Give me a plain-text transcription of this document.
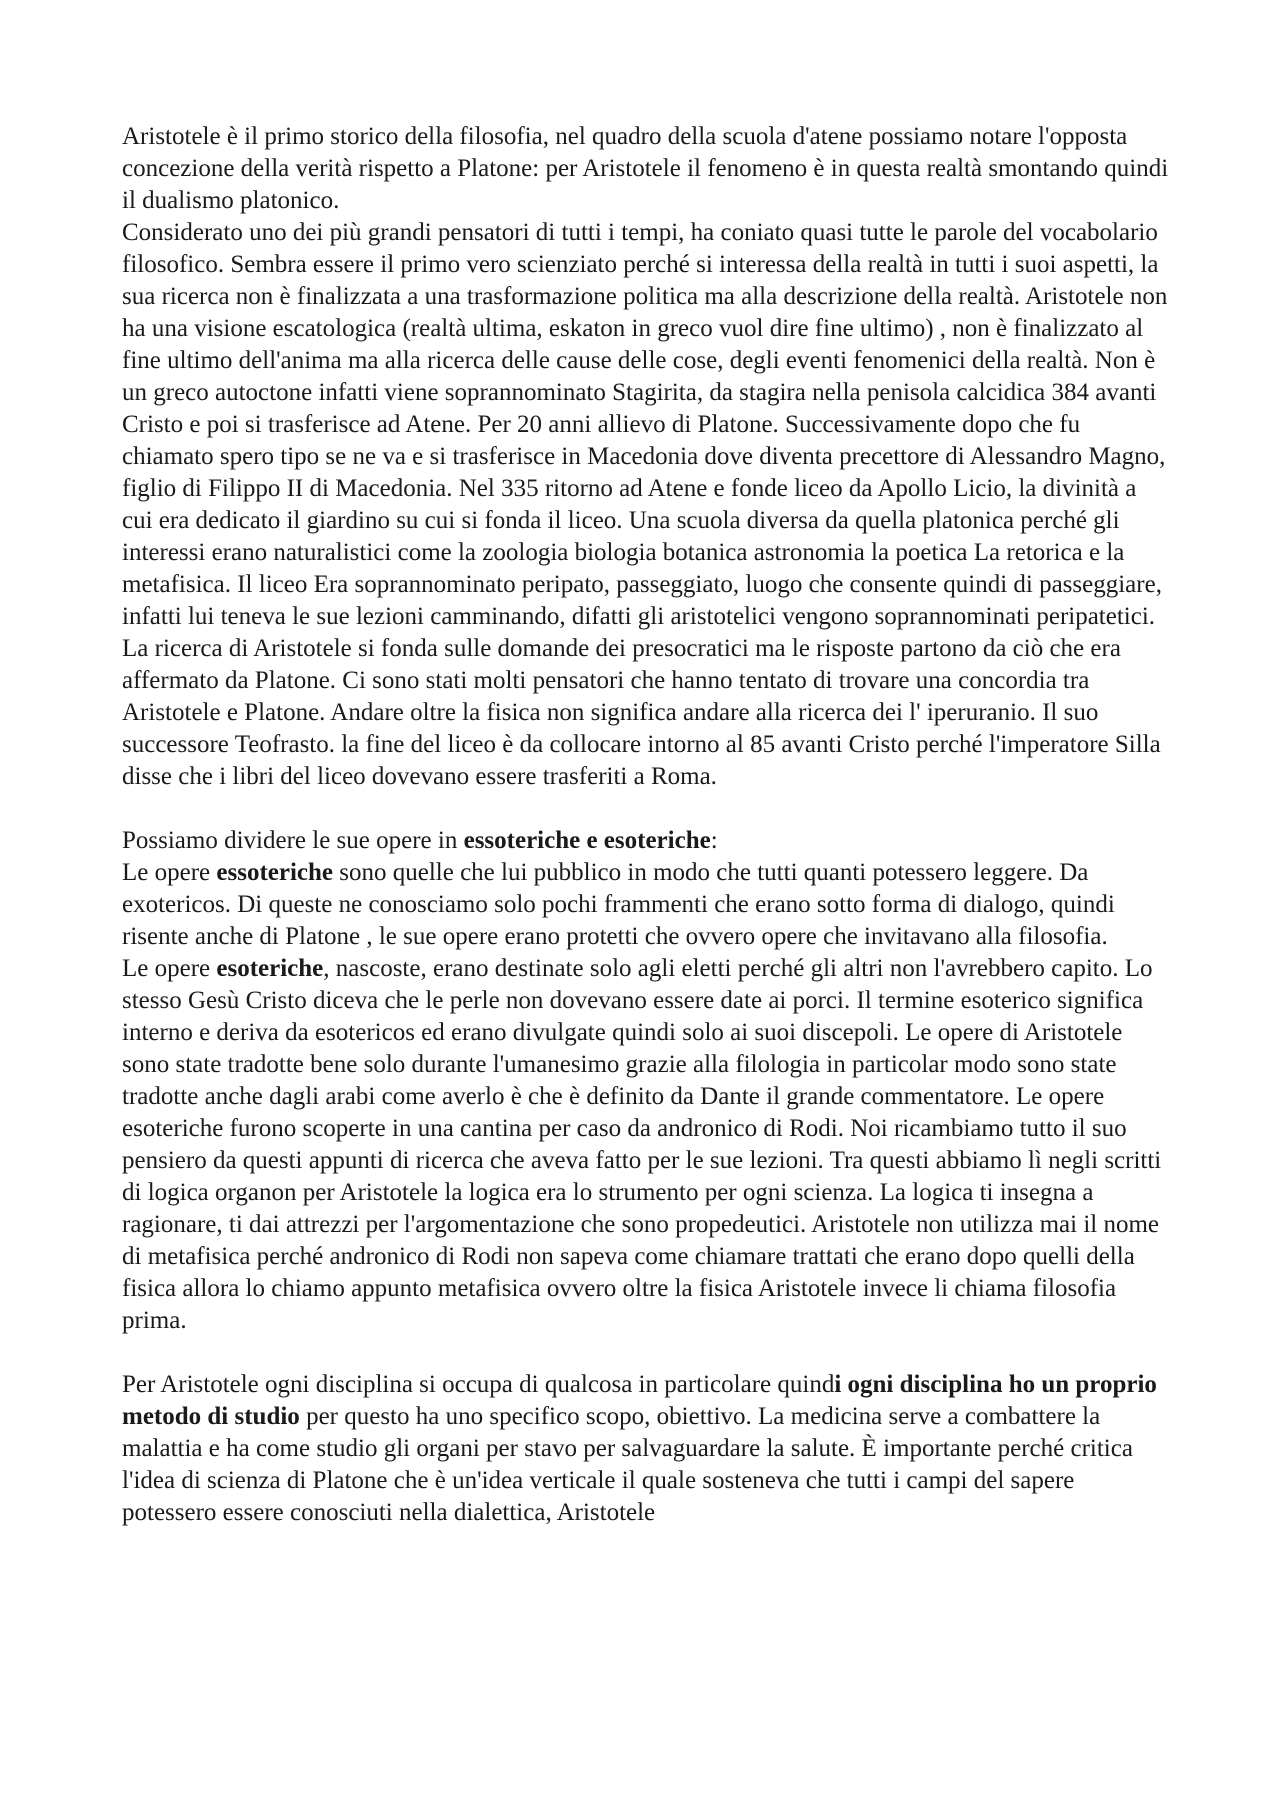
Aristotele è il primo storico della filosofia, nel quadro della scuola d'atene possiamo notare l'opposta concezione della verità rispetto a Platone: per Aristotele il fenomeno è in questa realtà smontando quindi il dualismo platonico.

Considerato uno dei più grandi pensatori di tutti i tempi, ha coniato quasi tutte le parole del vocabolario filosofico. Sembra essere il primo vero scienziato perché si interessa della realtà in tutti i suoi aspetti, la sua ricerca non è finalizzata a una trasformazione politica ma alla descrizione della realtà. Aristotele non ha una visione escatologica (realtà ultima, eskaton in greco vuol dire fine ultimo) , non è finalizzato al fine ultimo dell'anima ma alla ricerca delle cause delle cose, degli eventi fenomenici della realtà. Non è un greco autoctone infatti viene soprannominato Stagirita, da stagira nella penisola calcidica 384 avanti Cristo e poi si trasferisce ad Atene. Per 20 anni allievo di Platone. Successivamente dopo che fu chiamato spero tipo se ne va e si trasferisce in Macedonia dove diventa precettore di Alessandro Magno, figlio di Filippo II di Macedonia. Nel 335 ritorno ad Atene e fonde liceo da Apollo Licio, la divinità a cui era dedicato il giardino su cui si fonda il liceo. Una scuola diversa da quella platonica perché gli interessi erano naturalistici come la zoologia biologia botanica astronomia la poetica La retorica e la metafisica. Il liceo Era soprannominato peripato, passeggiato, luogo che consente quindi di passeggiare, infatti lui teneva le sue lezioni camminando, difatti gli aristotelici vengono soprannominati peripatetici. La ricerca di Aristotele si fonda sulle domande dei presocratici ma le risposte partono da ciò che era affermato da Platone. Ci sono stati molti pensatori che hanno tentato di trovare una concordia tra Aristotele e Platone. Andare oltre la fisica non significa andare alla ricerca dei l' iperuranio. Il suo successore Teofrasto. la fine del liceo è da collocare intorno al 85 avanti Cristo perché l'imperatore Silla disse che i libri del liceo dovevano essere trasferiti a Roma.

Possiamo dividere le sue opere in essoteriche e esoteriche:

Le opere essoteriche sono quelle che lui pubblico in modo che tutti quanti potessero leggere. Da exotericos. Di queste ne conosciamo solo pochi frammenti che erano sotto forma di dialogo, quindi risente anche di Platone , le sue opere erano protetti che ovvero opere che invitavano alla filosofia.

Le opere esoteriche, nascoste, erano destinate solo agli eletti perché gli altri non l'avrebbero capito. Lo stesso Gesù Cristo diceva che le perle non dovevano essere date ai porci. Il termine esoterico significa interno e deriva da esotericos ed erano divulgate quindi solo ai suoi discepoli. Le opere di Aristotele sono state tradotte bene solo durante l'umanesimo grazie alla filologia in particolar modo sono state tradotte anche dagli arabi come averlo è che è definito da Dante il grande commentatore. Le opere esoteriche furono scoperte in una cantina per caso da andronico di Rodi. Noi ricambiamo tutto il suo pensiero da questi appunti di ricerca che aveva fatto per le sue lezioni. Tra questi abbiamo lì negli scritti di logica organon per Aristotele la logica era lo strumento per ogni scienza. La logica ti insegna a ragionare, ti dai attrezzi per l'argomentazione che sono propedeutici. Aristotele non utilizza mai il nome di metafisica perché andronico di Rodi non sapeva come chiamare trattati che erano dopo quelli della fisica allora lo chiamo appunto metafisica ovvero oltre la fisica Aristotele invece li chiama filosofia prima.

Per Aristotele ogni disciplina si occupa di qualcosa in particolare quindi ogni disciplina ho un proprio metodo di studio per questo ha uno specifico scopo, obiettivo. La medicina serve a combattere la malattia e ha come studio gli organi per stavo per salvaguardare la salute. È importante perché critica l'idea di scienza di Platone che è un'idea verticale il quale sosteneva che tutti i campi del sapere potessero essere conosciuti nella dialettica, Aristotele
